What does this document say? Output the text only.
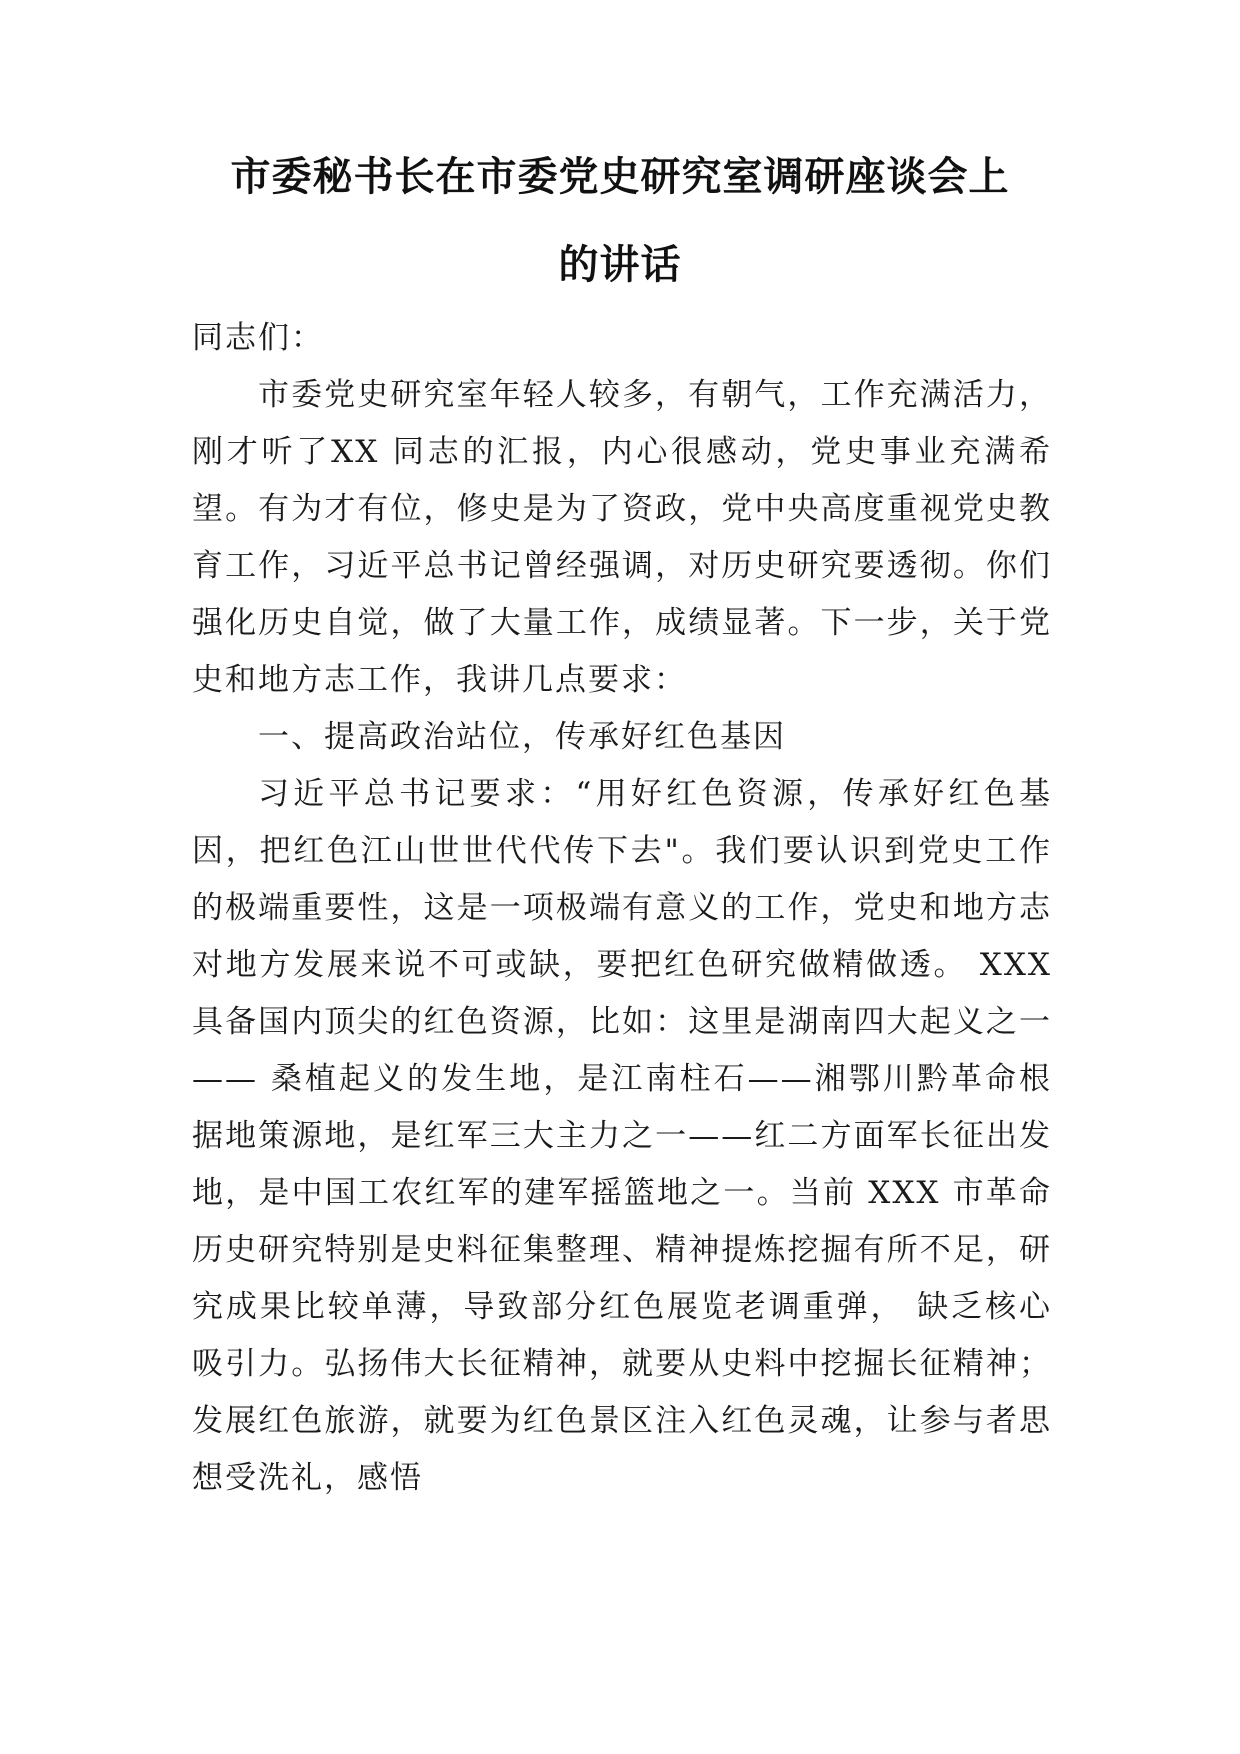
市委秘书长在市委党史研究室调研座谈会上
的讲话

同志们：

市委党史研究室年轻人较多，有朝气，工作充满活力，刚才听了XX 同志的汇报，内心很感动，党史事业充满希望。有为才有位，修史是为了资政，党中央高度重视党史教育工作，习近平总书记曾经强调，对历史研究要透彻。你们强化历史自觉，做了大量工作，成绩显著。下一步，关于党史和地方志工作，我讲几点要求：

一、提高政治站位，传承好红色基因

习近平总书记要求：“用好红色资源，传承好红色基因，把红色江山世世代代传下去"。我们要认识到党史工作的极端重要性，这是一项极端有意义的工作，党史和地方志对地方发展来说不可或缺，要把红色研究做精做透。 XXX 具备国内顶尖的红色资源，比如：这里是湖南四大起义之一—— 桑植起义的发生地，是江南柱石——湘鄂川黔革命根据地策源地，是红军三大主力之一——红二方面军长征出发地，是中国工农红军的建军摇篮地之一。当前 XXX 市革命历史研究特别是史料征集整理、精神提炼挖掘有所不足，研究成果比较单薄，导致部分红色展览老调重弹， 缺乏核心吸引力。弘扬伟大长征精神，就要从史料中挖掘长征精神；发展红色旅游，就要为红色景区注入红色灵魂，让参与者思想受洗礼，感悟
